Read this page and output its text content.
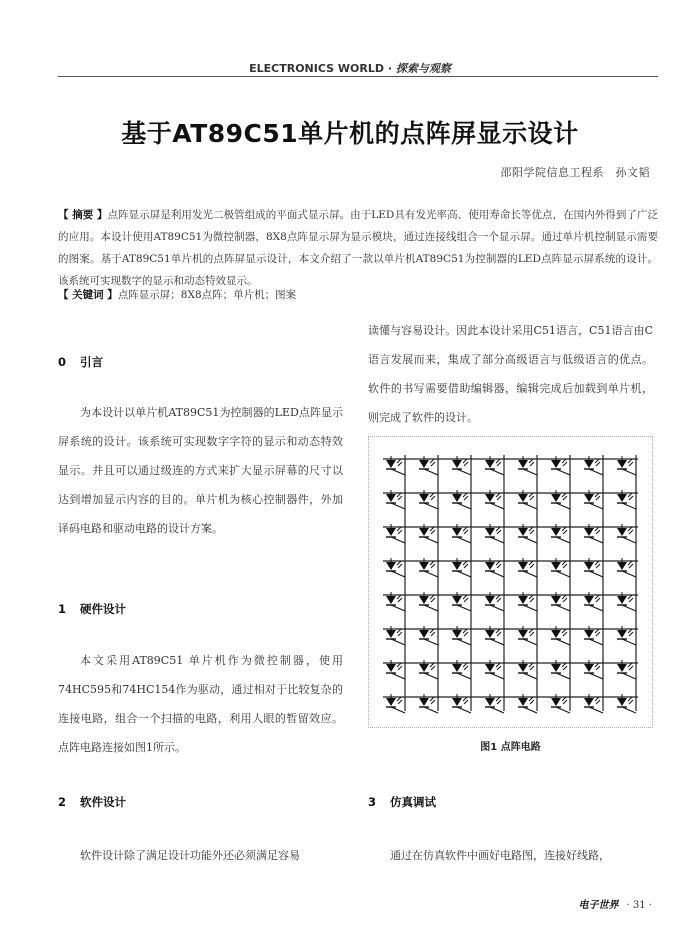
ELECTRONICS WORLD · 探索与观察
基于AT89C51单片机的点阵屏显示设计
邵阳学院信息工程系　孙文韬
【 摘要 】点阵显示屏是利用发光二极管组成的平面式显示屏。由于LED具有发光率高、使用寿命长等优点，在国内外得到了广泛的应用。本设计使用AT89C51为微控制器，8X8点阵显示屏为显示模块，通过连接线组合一个显示屏。通过单片机控制显示需要的图案。基于AT89C51单片机的点阵屏显示设计，本文介绍了一款以单片机AT89C51为控制器的LED点阵显示屏系统的设计。该系统可实现数字的显示和动态特效显示。
【 关键词 】点阵显示屏；8X8点阵；单片机；图案
0 引言
为本设计以单片机AT89C51为控制器的LED点阵显示屏系统的设计。该系统可实现数字字符的显示和动态特效显示。并且可以通过级连的方式来扩大显示屏幕的尺寸以达到增加显示内容的目的。单片机为核心控制器件，外加译码电路和驱动电路的设计方案。
1 硬件设计
本文采用AT89C51 单片机作为微控制器，使用74HC595和74HC154作为驱动，通过相对于比较复杂的连接电路，组合一个扫描的电路，利用人眼的暂留效应。点阵电路连接如图1所示。
2 软件设计
软件设计除了满足设计功能外还必须满足容易
读懂与容易设计。因此本设计采用C51语言，C51语言由C语言发展而来，集成了部分高级语言与低级语言的优点。软件的书写需要借助编辑器，编辑完成后加载到单片机，则完成了软件的设计。
图1 点阵电路
3 仿真调试
通过在仿真软件中画好电路图，连接好线路，
电子世界 · 31 ·
